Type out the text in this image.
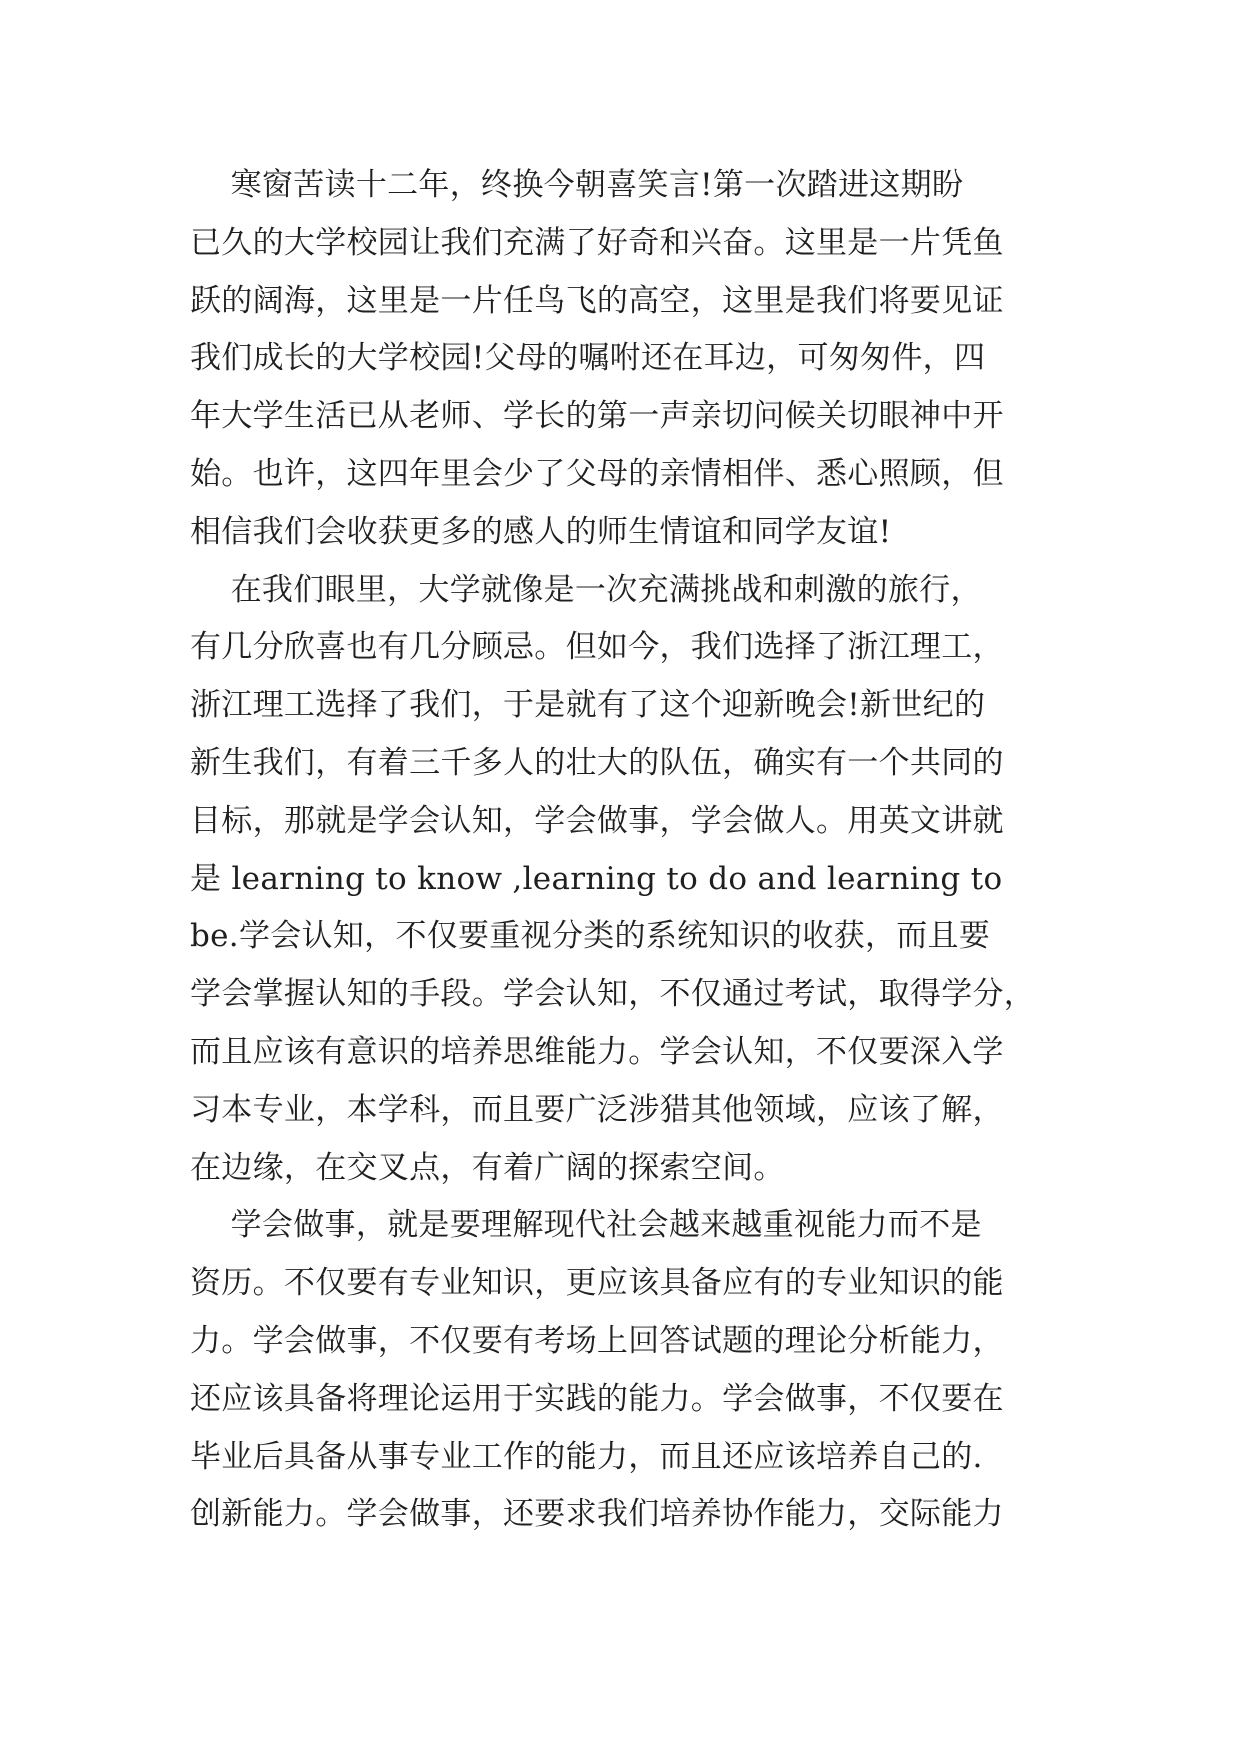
寒窗苦读十二年，终换今朝喜笑言!第一次踏进这期盼
已久的大学校园让我们充满了好奇和兴奋。这里是一片凭鱼
跃的阔海，这里是一片任鸟飞的高空，这里是我们将要见证
我们成长的大学校园!父母的嘱咐还在耳边，可匆匆件，四
年大学生活已从老师、学长的第一声亲切问候关切眼神中开
始。也许，这四年里会少了父母的亲情相伴、悉心照顾，但
相信我们会收获更多的感人的师生情谊和同学友谊!
在我们眼里，大学就像是一次充满挑战和刺激的旅行，
有几分欣喜也有几分顾忌。但如今，我们选择了浙江理工，
浙江理工选择了我们，于是就有了这个迎新晚会!新世纪的
新生我们，有着三千多人的壮大的队伍，确实有一个共同的
目标，那就是学会认知，学会做事，学会做人。用英文讲就
是 learning to know ,learning to do and learning to
be.学会认知，不仅要重视分类的系统知识的收获，而且要
学会掌握认知的手段。学会认知，不仅通过考试，取得学分，
而且应该有意识的培养思维能力。学会认知，不仅要深入学
习本专业，本学科，而且要广泛涉猎其他领域，应该了解，
在边缘，在交叉点，有着广阔的探索空间。
学会做事，就是要理解现代社会越来越重视能力而不是
资历。不仅要有专业知识，更应该具备应有的专业知识的能
力。学会做事，不仅要有考场上回答试题的理论分析能力，
还应该具备将理论运用于实践的能力。学会做事，不仅要在
毕业后具备从事专业工作的能力，而且还应该培养自己的.
创新能力。学会做事，还要求我们培养协作能力，交际能力
